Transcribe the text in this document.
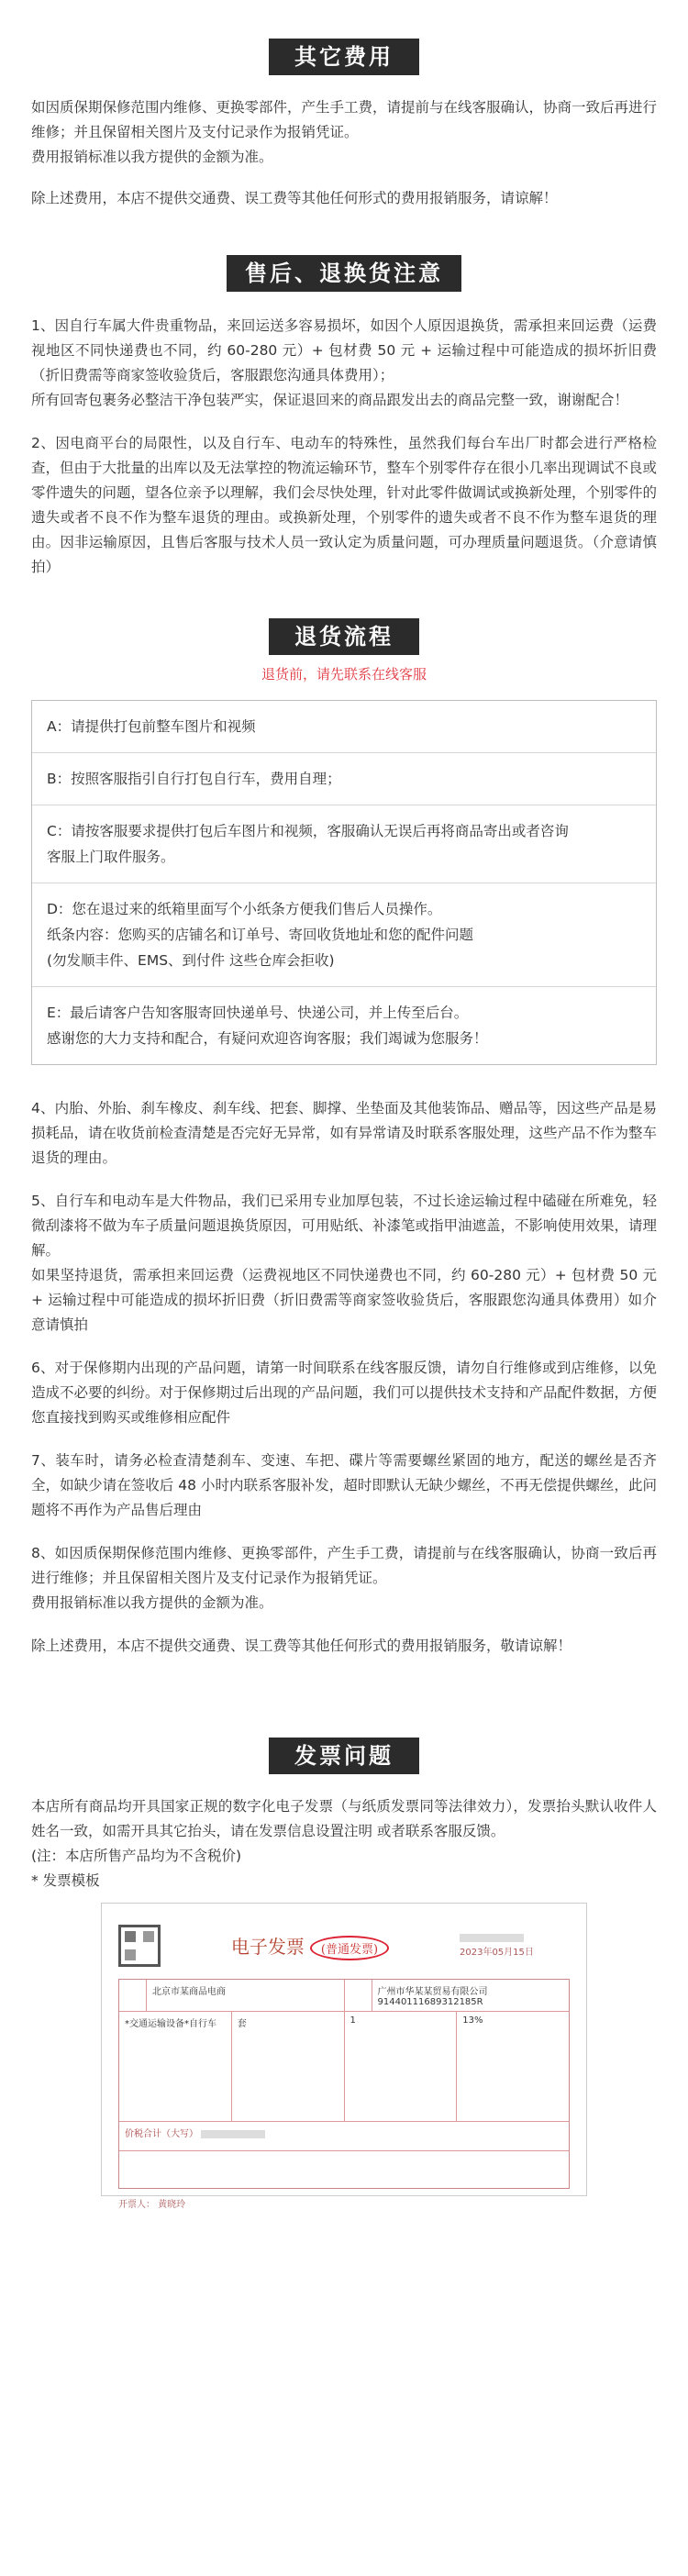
其它费用

如因质保期保修范围内维修、更换零部件，产生手工费，请提前与在线客服确认，协商一致后再进行维修；并且保留相关图片及支付记录作为报销凭证。

费用报销标准以我方提供的金额为准。

除上述费用，本店不提供交通费、误工费等其他任何形式的费用报销服务，请谅解！

售后、退换货注意

1、因自行车属大件贵重物品，来回运送多容易损坏，如因个人原因退换货，需承担来回运费（运费视地区不同快递费也不同，约 60-280 元）+ 包材费 50 元 + 运输过程中可能造成的损坏折旧费（折旧费需等商家签收验货后，客服跟您沟通具体费用）；

所有回寄包裹务必整洁干净包装严实，保证退回来的商品跟发出去的商品完整一致，谢谢配合！

2、因电商平台的局限性，以及自行车、电动车的特殊性，虽然我们每台车出厂时都会进行严格检查，但由于大批量的出库以及无法掌控的物流运输环节，整车个别零件存在很小几率出现调试不良或零件遗失的问题，望各位亲予以理解，我们会尽快处理，针对此零件做调试或换新处理，个别零件的遗失或者不良不作为整车退货的理由。或换新处理，个别零件的遗失或者不良不作为整车退货的理由。因非运输原因，且售后客服与技术人员一致认定为质量问题，可办理质量问题退货。（介意请慎拍）

退货流程
退货前，请先联系在线客服
A：请提供打包前整车图片和视频
B：按照客服指引自行打包自行车，费用自理；
C：请按客服要求提供打包后车图片和视频，客服确认无误后再将商品寄出或者咨询
客服上门取件服务。
D：您在退过来的纸箱里面写个小纸条方便我们售后人员操作。
纸条内容：您购买的店铺名和订单号、寄回收货地址和您的配件问题
(勿发顺丰件、EMS、到付件 这些仓库会拒收)
E：最后请客户告知客服寄回快递单号、快递公司，并上传至后台。
感谢您的大力支持和配合，有疑问欢迎咨询客服；我们竭诚为您服务！

4、内胎、外胎、刹车橡皮、刹车线、把套、脚撑、坐垫面及其他装饰品、赠品等，因这些产品是易损耗品，请在收货前检查清楚是否完好无异常，如有异常请及时联系客服处理，这些产品不作为整车退货的理由。

5、自行车和电动车是大件物品，我们已采用专业加厚包装，不过长途运输过程中磕碰在所难免，轻微刮漆将不做为车子质量问题退换货原因，可用贴纸、补漆笔或指甲油遮盖，不影响使用效果，请理解。

如果坚持退货，需承担来回运费（运费视地区不同快递费也不同，约 60-280 元）+ 包材费 50 元 + 运输过程中可能造成的损坏折旧费（折旧费需等商家签收验货后，客服跟您沟通具体费用）如介意请慎拍

6、对于保修期内出现的产品问题，请第一时间联系在线客服反馈，请勿自行维修或到店维修，以免造成不必要的纠纷。对于保修期过后出现的产品问题，我们可以提供技术支持和产品配件数据，方便您直接找到购买或维修相应配件

7、装车时，请务必检查清楚刹车、变速、车把、碟片等需要螺丝紧固的地方，配送的螺丝是否齐全，如缺少请在签收后 48 小时内联系客服补发，超时即默认无缺少螺丝，不再无偿提供螺丝，此问题将不再作为产品售后理由

8、如因质保期保修范围内维修、更换零部件，产生手工费，请提前与在线客服确认，协商一致后再进行维修；并且保留相关图片及支付记录作为报销凭证。

费用报销标准以我方提供的金额为准。

除上述费用，本店不提供交通费、误工费等其他任何形式的费用报销服务，敬请谅解！

发票问题

本店所有商品均开具国家正规的数字化电子发票（与纸质发票同等法律效力），发票抬头默认收件人姓名一致，如需开具其它抬头，请在发票信息设置注明 或者联系客服反馈。

(注：本店所售产品均为不含税价)

* 发票模板

电子发票 (普通发票)	2023年05月15日
北京市某商品电商	广州市华某某贸易有限公司
91440111689312185R
*交通运输设备*自行车	套	1	13%
价税合计（大写）
开票人： 黄晓玲
